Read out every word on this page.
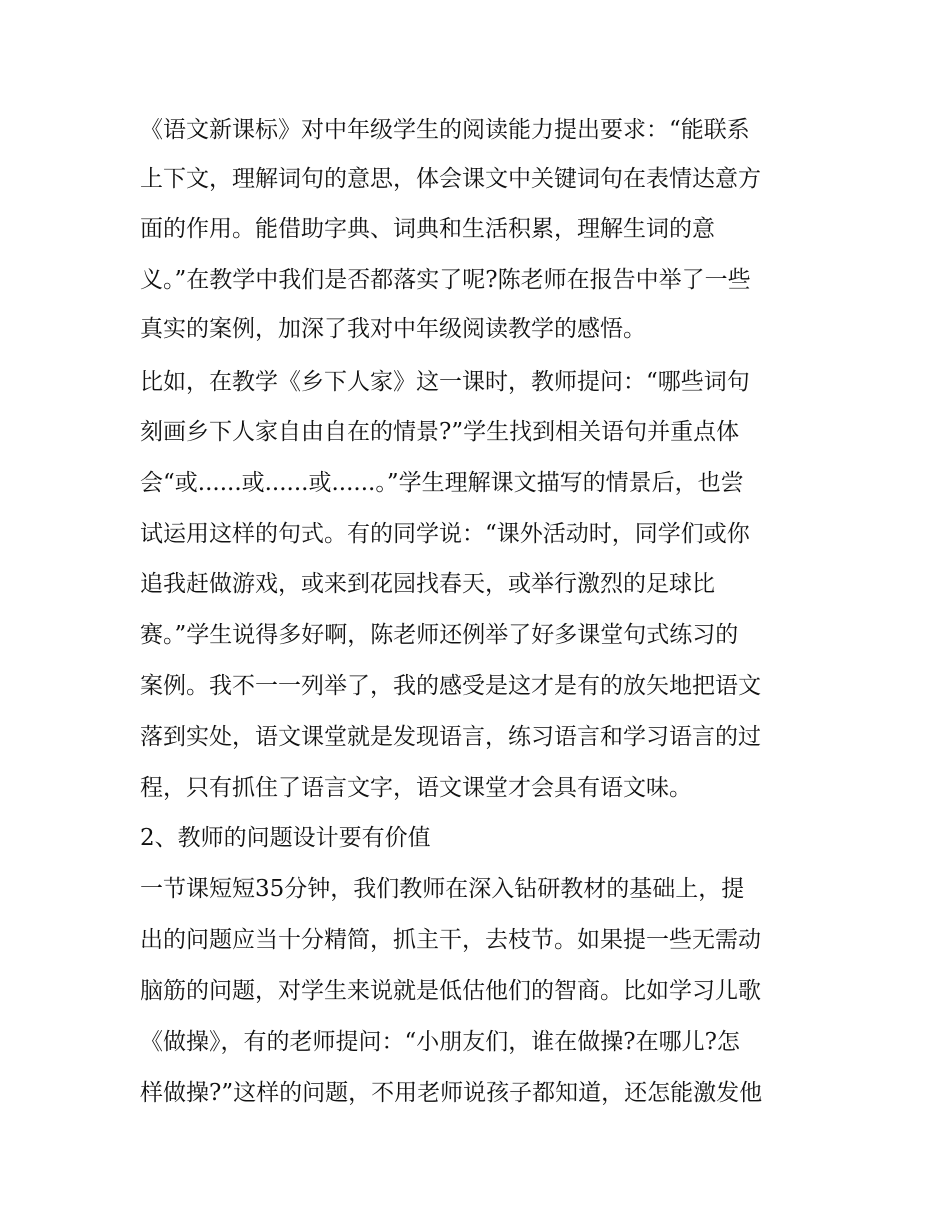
《语文新课标》对中年级学生的阅读能力提出要求：“能联系
上下文，理解词句的意思，体会课文中关键词句在表情达意方
面的作用。能借助字典、词典和生活积累，理解生词的意
义。”在教学中我们是否都落实了呢?陈老师在报告中举了一些
真实的案例，加深了我对中年级阅读教学的感悟。
比如，在教学《乡下人家》这一课时，教师提问：“哪些词句
刻画乡下人家自由自在的情景?”学生找到相关语句并重点体
会“或......或......或......。”学生理解课文描写的情景后，也尝
试运用这样的句式。有的同学说：“课外活动时，同学们或你
追我赶做游戏，或来到花园找春天，或举行激烈的足球比
赛。”学生说得多好啊，陈老师还例举了好多课堂句式练习的
案例。我不一一列举了，我的感受是这才是有的放矢地把语文
落到实处，语文课堂就是发现语言，练习语言和学习语言的过
程，只有抓住了语言文字，语文课堂才会具有语文味。
2、教师的问题设计要有价值
一节课短短35分钟，我们教师在深入钻研教材的基础上，提
出的问题应当十分精简，抓主干，去枝节。如果提一些无需动
脑筋的问题，对学生来说就是低估他们的智商。比如学习儿歌
《做操》，有的老师提问：“小朋友们，谁在做操?在哪儿?怎
样做操?”这样的问题，不用老师说孩子都知道，还怎能激发他
